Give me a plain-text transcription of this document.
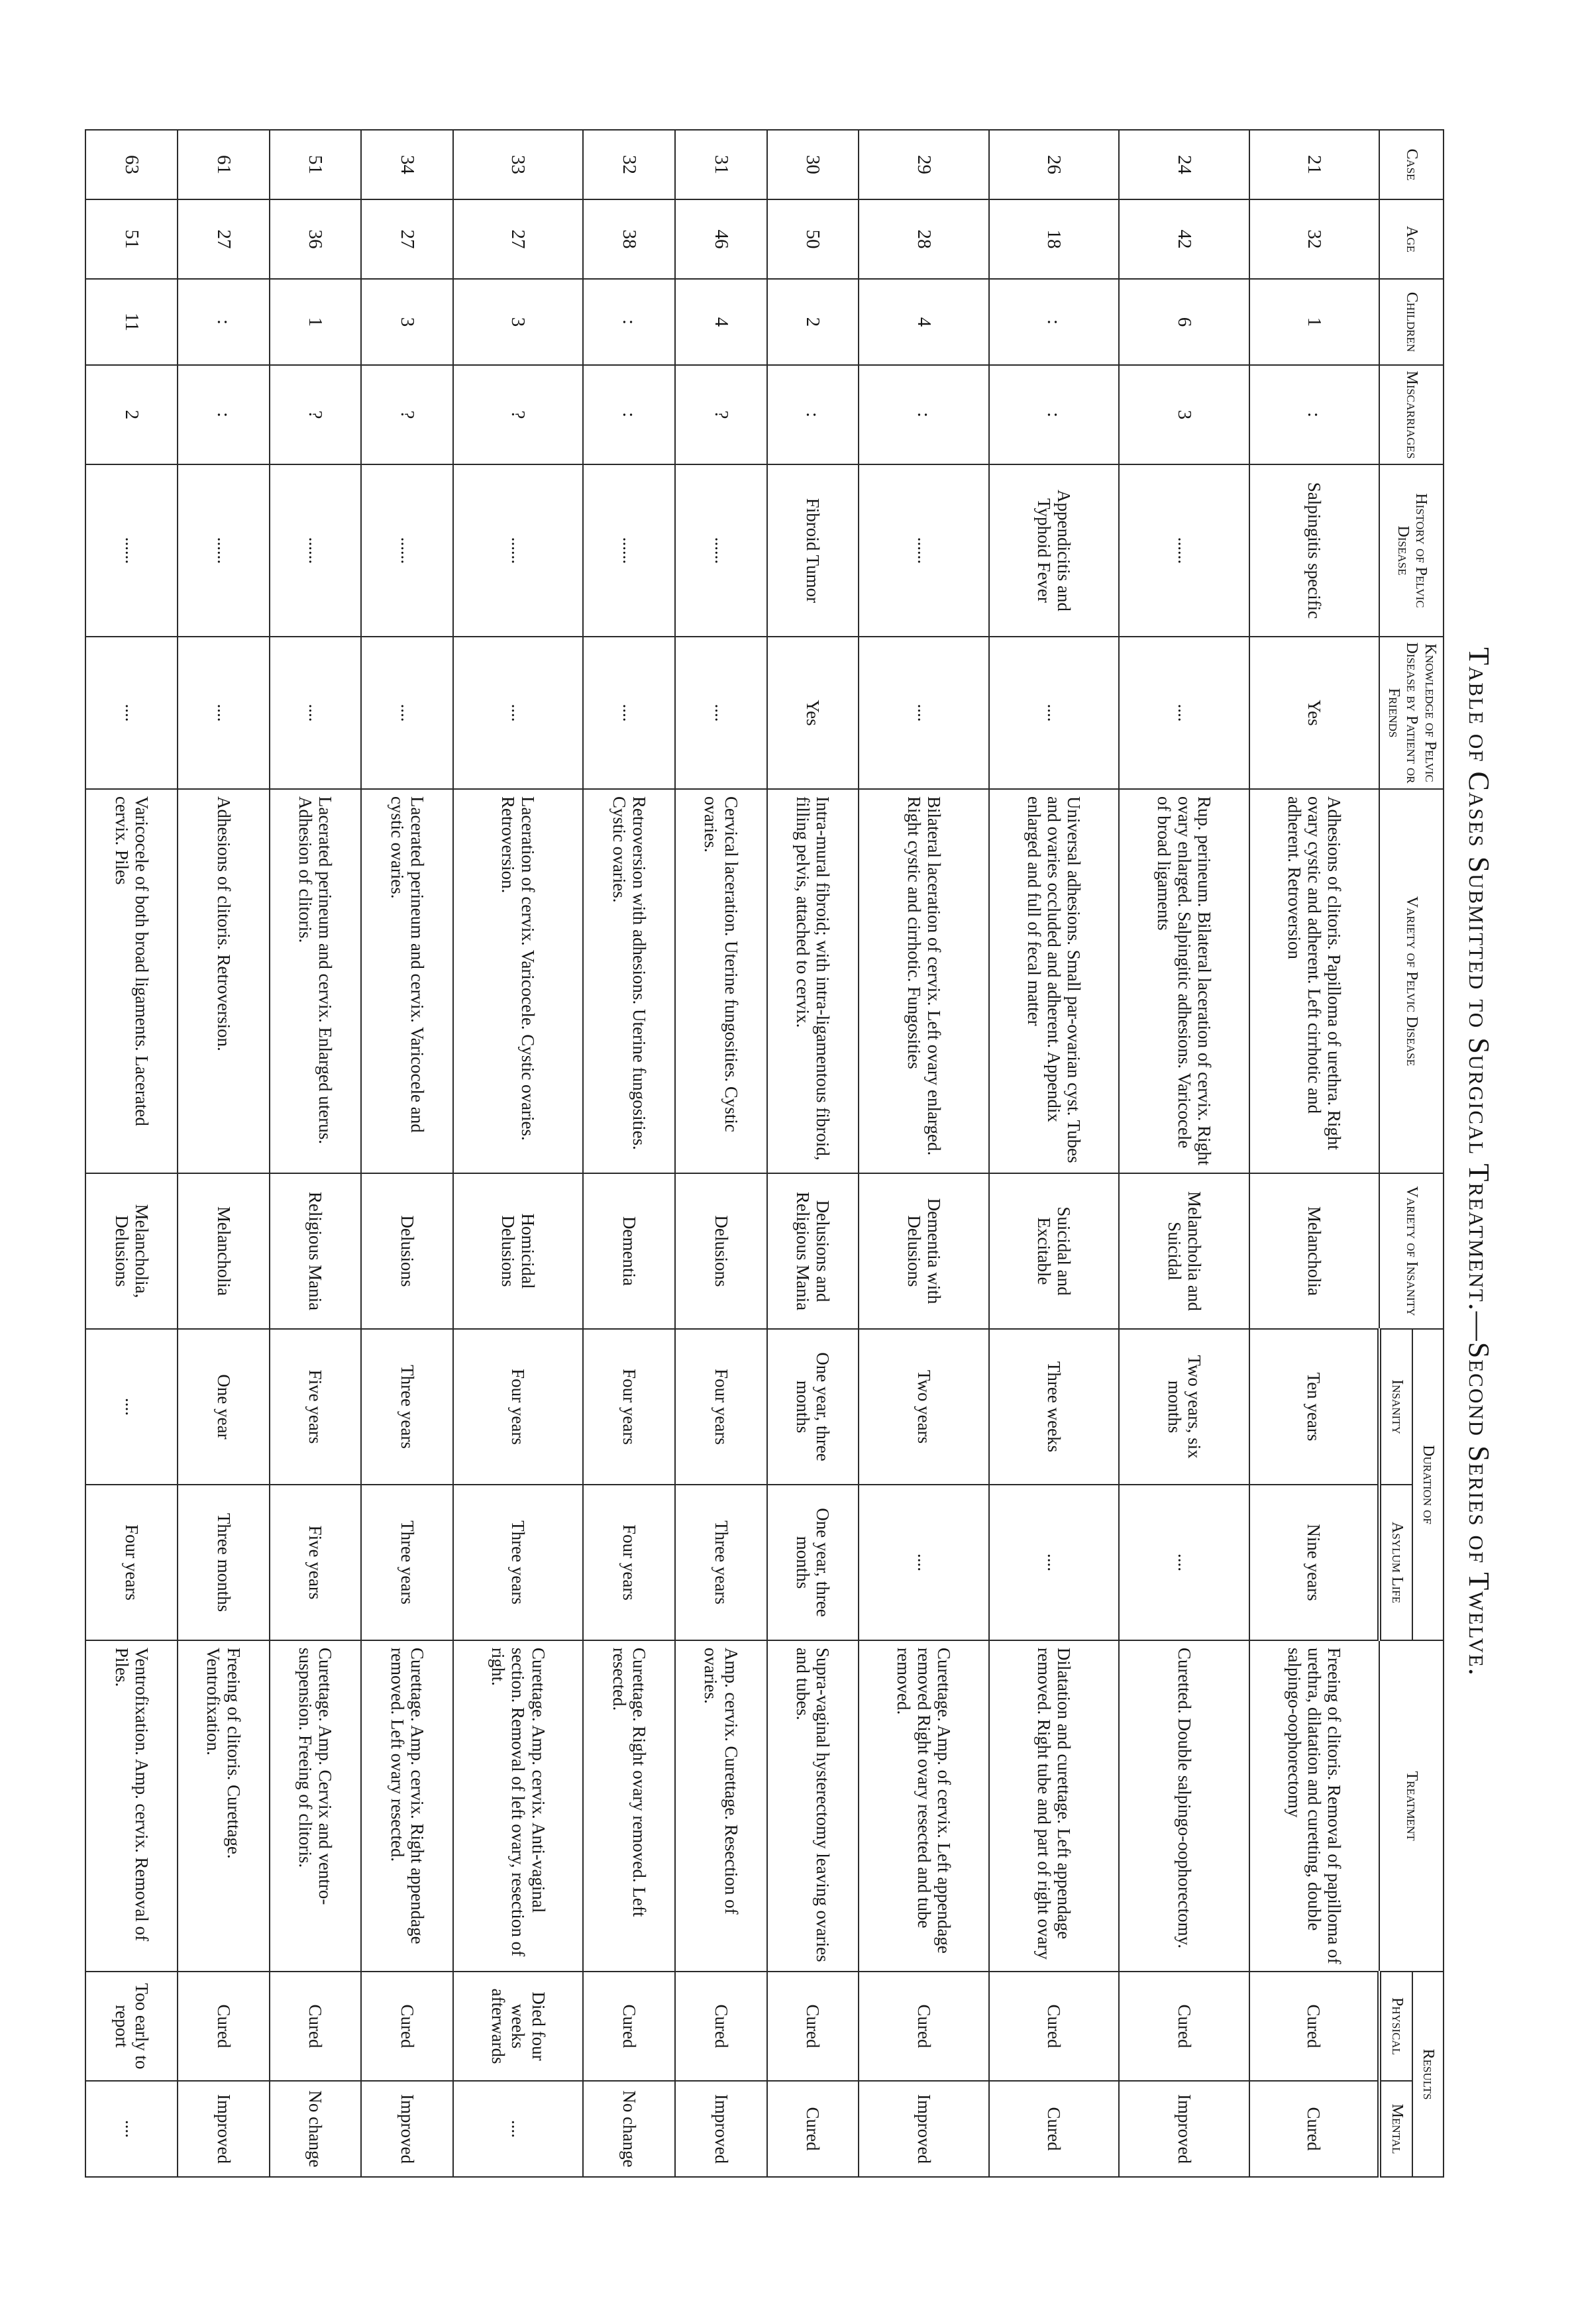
Table of Cases Submitted to Surgical Treatment.—Second Series of Twelve.
Case	Age	Children	Miscarriages	History of Pelvic Disease	Knowledge of Pelvic Disease by Patient or Friends	Variety of Pelvic Disease	Variety of Insanity	Duration of		Treatment	Results	
								Insanity	Asylum Life		Physical	Mental
21	32	1	:	Salpingitis specific	Yes	Adhesions of clitoris. Papilloma of urethra. Right ovary cystic and adherent. Left cirrhotic and adherent. Retroversion	Melancholia	Ten years	Nine years	Freeing of clitoris. Removal of papilloma of urethra, dilatation and curetting, double salpingo-oophorectomy	Cured	Cured
24	42	6	3	......	....	Rup. perineum. Bilateral laceration of cervix. Right ovary enlarged. Salpingitic adhesions. Varicocele of broad ligaments	Melancholia and Suicidal	Two years, six months	....	Curetted. Double salpingo-oophorectomy.	Cured	Improved
26	18	:	:	Appendicitis and Typhoid Fever	....	Universal adhesions. Small par-ovarian cyst. Tubes and ovaries occluded and adherent. Appendix enlarged and full of fecal matter	Suicidal and Excitable	Three weeks	....	Dilatation and curettage. Left appendage removed. Right tube and part of right ovary	Cured	Cured
29	28	4	:	......	....	Bilateral laceration of cervix. Left ovary enlarged. Right cystic and cirrhotic. Fungosities	Dementia with Delusions	Two years	....	Curettage. Amp. of cervix. Left appendage removed Right ovary resected and tube removed.	Cured	Improved
30	50	2	:	Fibroid Tumor	Yes	Intra-mural fibroid; with intra-ligamentous fibroid, filling pelvis, attached to cervix.	Delusions and Religious Mania	One year, three months	One year, three months	Supra-vaginal hysterectomy leaving ovaries and tubes.	Cured	Cured
31	46	4	?	......	....	Cervical laceration. Uterine fungosities. Cystic ovaries.	Delusions	Four years	Three years	Amp. cervix. Curettage. Resection of ovaries.	Cured	Improved
32	38	:	:	......	....	Retroversion with adhesions. Uterine fungosities. Cystic ovaries.	Dementia	Four years	Four years	Curettage. Right ovary removed. Left resected.	Cured	No change
33	27	3	?	......	....	Laceration of cervix. Varicocele. Cystic ovaries. Retroversion.	Homicidal Delusions	Four years	Three years	Curettage. Amp. cervix. Anti-vaginal section. Removal of left ovary, resection of right.	Died four weeks afterwards	....
34	27	3	?	......	....	Lacerated perineum and cervix. Varicocele and cystic ovaries.	Delusions	Three years	Three years	Curettage. Amp. cervix. Right appendage removed. Left ovary resected.	Cured	Improved
51	36	1	?	......	....	Lacerated perineum and cervix. Enlarged uterus. Adhesion of clitoris.	Religious Mania	Five years	Five years	Curettage. Amp. Cervix and ventro-suspension. Freeing of clitoris.	Cured	No change
61	27	:	:	......	....	Adhesions of clitoris. Retroversion.	Melancholia	One year	Three months	Freeing of clitoris. Curettage. Ventrofixation.	Cured	Improved
63	51	11	2	......	....	Varicocele of both broad ligaments. Lacerated cervix. Piles	Melancholia, Delusions	....	Four years	Ventrofixation. Amp. cervix. Removal of Piles.	Too early to report	....
